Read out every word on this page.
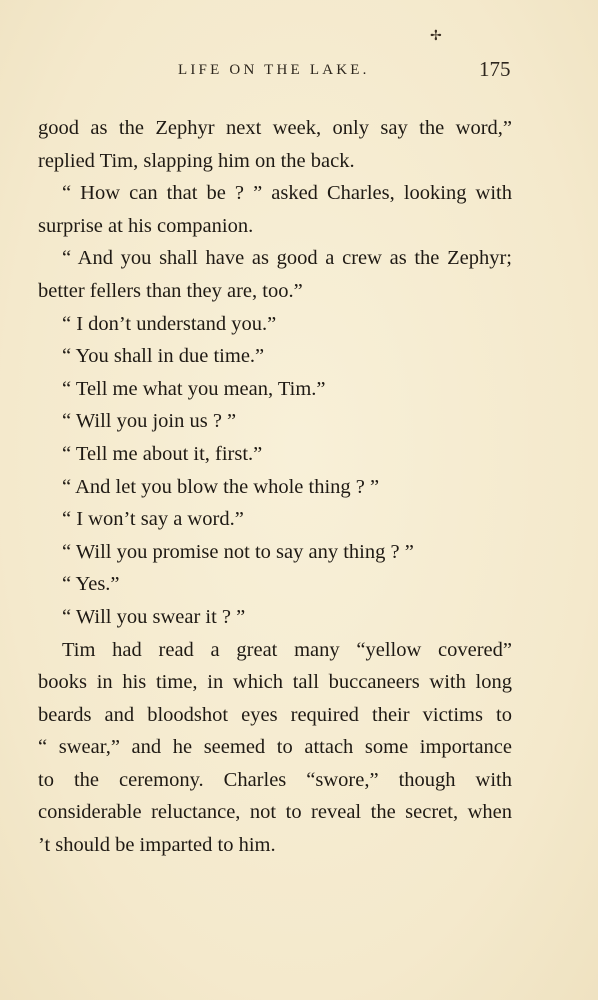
✢
LIFE ON THE LAKE.	175
good as the Zephyr next week, only say the word,”
replied Tim, slapping him on the back.
“ How can that be ? ” asked Charles, looking with
surprise at his companion.
“ And you shall have as good a crew as the Zephyr;
better fellers than they are, too.”
“ I don’t understand you.”
“ You shall in due time.”
“ Tell me what you mean, Tim.”
“ Will you join us ? ”
“ Tell me about it, first.”
“ And let you blow the whole thing ? ”
“ I won’t say a word.”
“ Will you promise not to say any thing ? ”
“ Yes.”
“ Will you swear it ? ”
Tim had read a great many “yellow covered”
books in his time, in which tall buccaneers with long
beards and bloodshot eyes required their victims to
“ swear,” and he seemed to attach some importance
to the ceremony. Charles “swore,” though with
considerable reluctance, not to reveal the secret, when
’t should be imparted to him.
